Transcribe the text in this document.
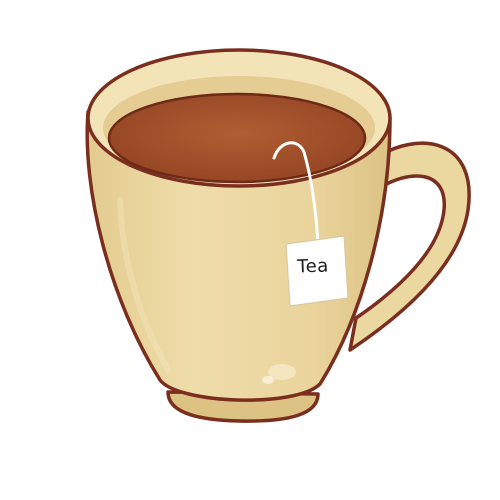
Tea
